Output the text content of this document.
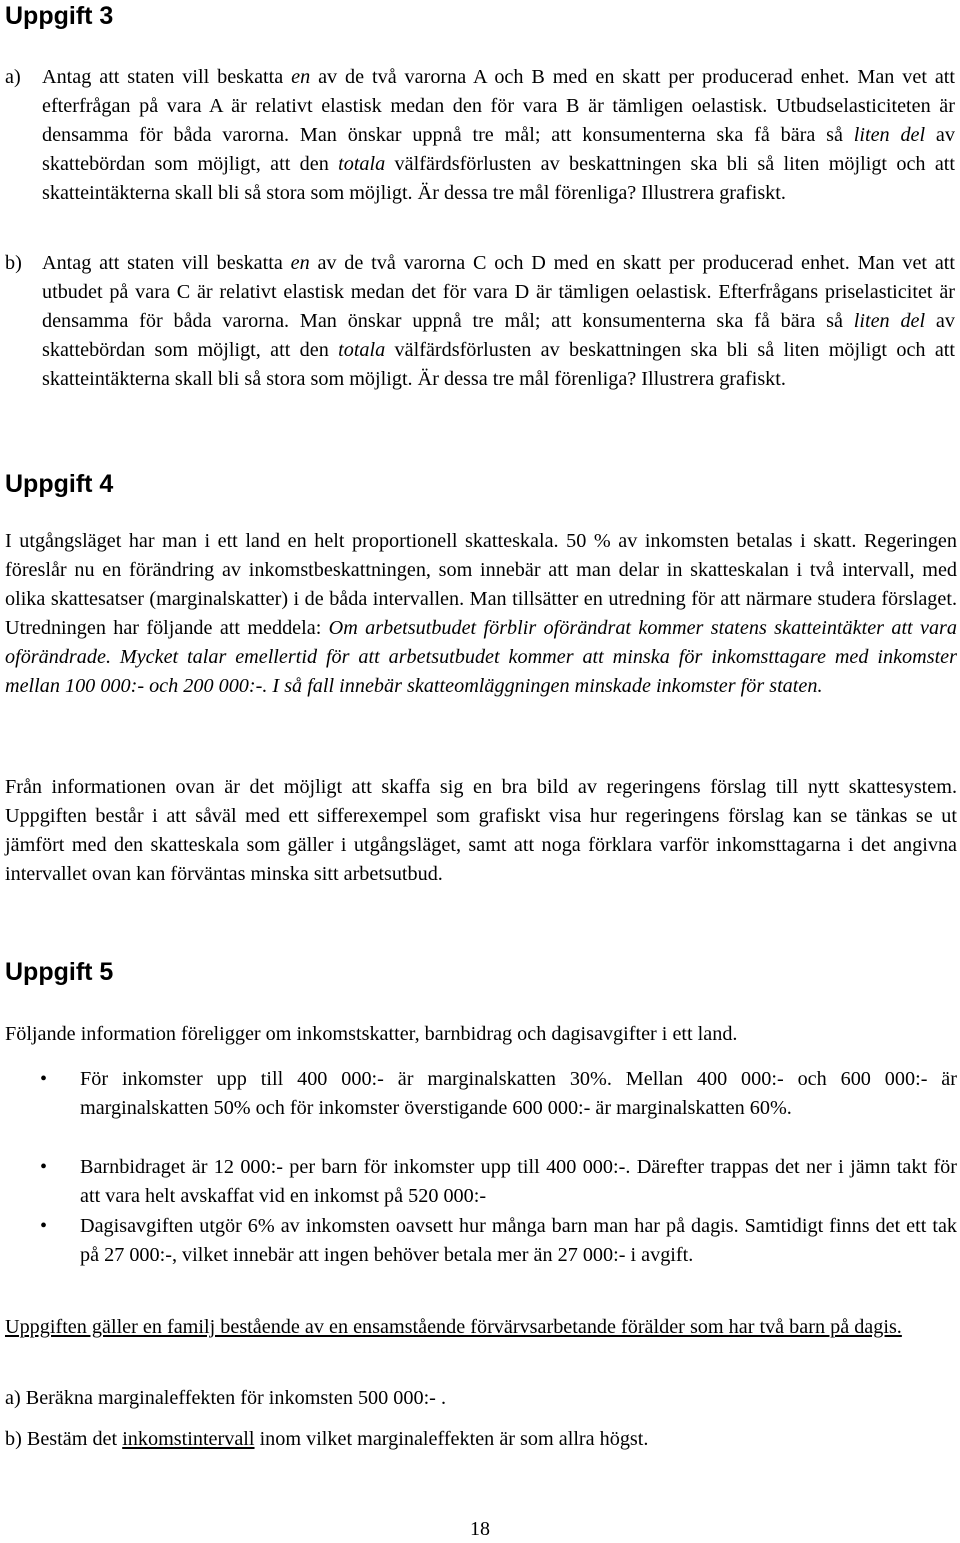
Uppgift 3
a) Antag att staten vill beskatta en av de två varorna A och B med en skatt per producerad enhet. Man vet att efterfrågan på vara A är relativt elastisk medan den för vara B är tämligen oelastisk. Utbudselasticiteten är densamma för båda varorna. Man önskar uppnå tre mål; att konsumenterna ska få bära så liten del av skattebördan som möjligt, att den totala välfärdsförlusten av beskattningen ska bli så liten möjligt och att skatteintäkterna skall bli så stora som möjligt. Är dessa tre mål förenliga? Illustrera grafiskt.

b) Antag att staten vill beskatta en av de två varorna C och D med en skatt per producerad enhet. Man vet att utbudet på vara C är relativt elastisk medan det för vara D är tämligen oelastisk. Efterfrågans priselasticitet är densamma för båda varorna. Man önskar uppnå tre mål; att konsumenterna ska få bära så liten del av skattebördan som möjligt, att den totala välfärdsförlusten av beskattningen ska bli så liten möjligt och att skatteintäkterna skall bli så stora som möjligt. Är dessa tre mål förenliga? Illustrera grafiskt.

Uppgift 4

I utgångsläget har man i ett land en helt proportionell skatteskala. 50 % av inkomsten betalas i skatt. Regeringen föreslår nu en förändring av inkomstbeskattningen, som innebär att man delar in skatteskalan i två intervall, med olika skattesatser (marginalskatter) i de båda intervallen. Man tillsätter en utredning för att närmare studera förslaget. Utredningen har följande att meddela: Om arbetsutbudet förblir oförändrat kommer statens skatteintäkter att vara oförändrade. Mycket talar emellertid för att arbetsutbudet kommer att minska för inkomsttagare med inkomster mellan 100 000:- och 200 000:-. I så fall innebär skatteomläggningen minskade inkomster för staten.

Från informationen ovan är det möjligt att skaffa sig en bra bild av regeringens förslag till nytt skattesystem. Uppgiften består i att såväl med ett sifferexempel som grafiskt visa hur regeringens förslag kan se tänkas se ut jämfört med den skatteskala som gäller i utgångsläget, samt att noga förklara varför inkomsttagarna i det angivna intervallet ovan kan förväntas minska sitt arbetsutbud.

Uppgift 5

Följande information föreligger om inkomstskatter, barnbidrag och dagisavgifter i ett land.

• För inkomster upp till 400 000:- är marginalskatten 30%. Mellan 400 000:- och 600 000:- är marginalskatten 50% och för inkomster överstigande 600 000:- är marginalskatten 60%.

• Barnbidraget är 12 000:- per barn för inkomster upp till 400 000:-. Därefter trappas det ner i jämn takt för att vara helt avskaffat vid en inkomst på 520 000:-

• Dagisavgiften utgör 6% av inkomsten oavsett hur många barn man har på dagis. Samtidigt finns det ett tak på 27 000:-, vilket innebär att ingen behöver betala mer än 27 000:- i avgift.

Uppgiften gäller en familj bestående av en ensamstående förvärvsarbetande förälder som har två barn på dagis.

a) Beräkna marginaleffekten för inkomsten 500 000:- .

b) Bestäm det inkomstintervall inom vilket marginaleffekten är som allra högst.

18
